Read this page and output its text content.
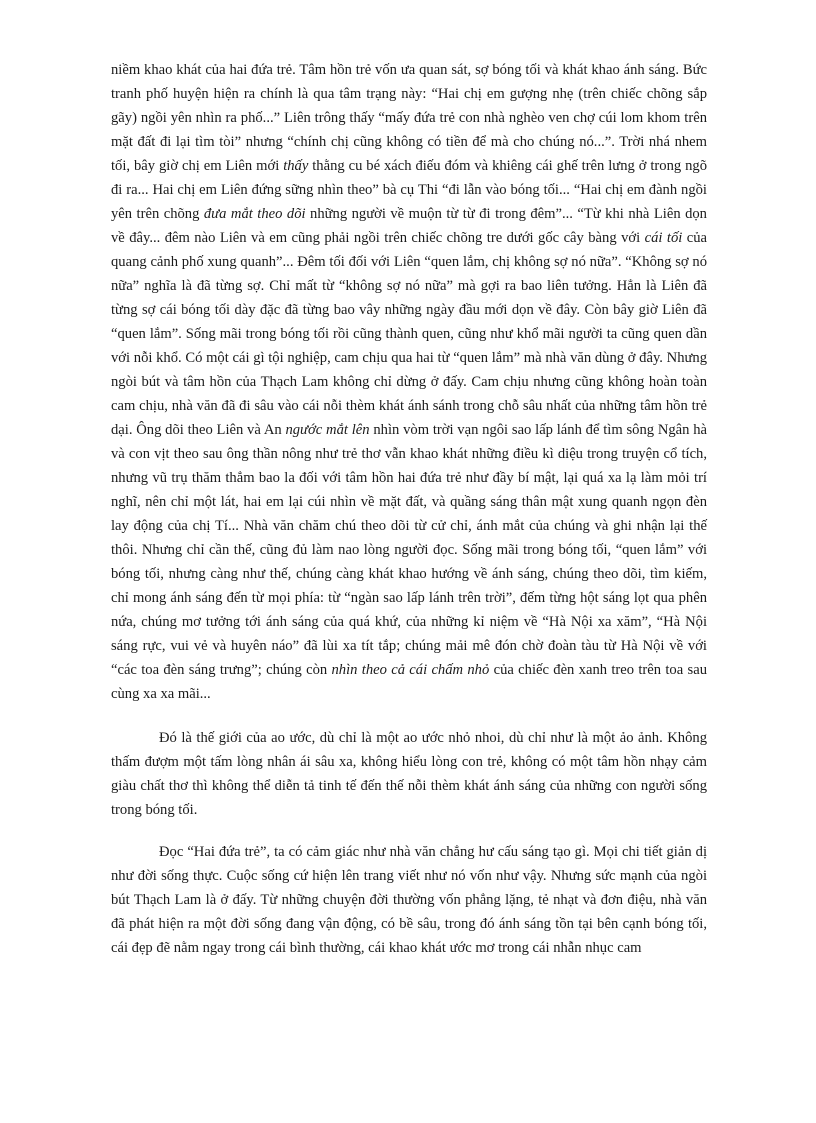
niềm khao khát của hai đứa trẻ. Tâm hồn trẻ vốn ưa quan sát, sợ bóng tối và khát khao ánh sáng. Bức tranh phố huyện hiện ra chính là qua tâm trạng này: “Hai chị em gượng nhẹ (trên chiếc chõng sắp gãy) ngồi yên nhìn ra phố...” Liên trông thấy “mấy đứa trẻ con nhà nghèo ven chợ cúi lom khom trên mặt đất đi lại tìm tòi” nhưng “chính chị cũng không có tiền để mà cho chúng nó...”. Trời nhá nhem tối, bây giờ chị em Liên mới thấy thằng cu bé xách điếu đóm và khiêng cái ghế trên lưng ở trong ngõ đi ra... Hai chị em Liên đứng sững nhìn theo” bà cụ Thi “đi lẫn vào bóng tối... “Hai chị em đành ngồi yên trên chõng đưa mắt theo dõi những người về muộn từ từ đi trong đêm”... “Từ khi nhà Liên dọn về đây... đêm nào Liên và em cũng phải ngồi trên chiếc chõng tre dưới gốc cây bàng với cái tối của quang cảnh phố xung quanh”... Đêm tối đối với Liên “quen lắm, chị không sợ nó nữa”. “Không sợ nó nữa” nghĩa là đã từng sợ. Chỉ mất từ “không sợ nó nữa” mà gợi ra bao liên tưởng. Hẳn là Liên đã từng sợ cái bóng tối dày đặc đã từng bao vây những ngày đầu mới dọn về đây. Còn bây giờ Liên đã “quen lắm”. Sống mãi trong bóng tối rồi cũng thành quen, cũng như khổ mãi người ta cũng quen dần với nỗi khổ. Có một cái gì tội nghiệp, cam chịu qua hai từ “quen lắm” mà nhà văn dùng ở đây. Nhưng ngòi bút và tâm hồn của Thạch Lam không chỉ dừng ở đấy. Cam chịu nhưng cũng không hoàn toàn cam chịu, nhà văn đã đi sâu vào cái nỗi thèm khát ánh sánh trong chỗ sâu nhất của những tâm hồn trẻ dại. Ông dõi theo Liên và An ngước mắt lên nhìn vòm trời vạn ngôi sao lấp lánh để tìm sông Ngân hà và con vịt theo sau ông thần nông như trẻ thơ vẫn khao khát những điều kì diệu trong truyện cổ tích, nhưng vũ trụ thăm thẳm bao la đối với tâm hồn hai đứa trẻ như đầy bí mật, lại quá xa lạ làm mỏi trí nghĩ, nên chỉ một lát, hai em lại cúi nhìn về mặt đất, và quầng sáng thân mật xung quanh ngọn đèn lay động của chị Tí... Nhà văn chăm chú theo dõi từ cử chỉ, ánh mắt của chúng và ghi nhận lại thế thôi. Nhưng chỉ cần thế, cũng đủ làm nao lòng người đọc. Sống mãi trong bóng tối, “quen lắm” với bóng tối, nhưng càng như thế, chúng càng khát khao hướng về ánh sáng, chúng theo dõi, tìm kiếm, chỉ mong ánh sáng đến từ mọi phía: từ “ngàn sao lấp lánh trên trời”, đếm từng hột sáng lọt qua phên nứa, chúng mơ tưởng tới ánh sáng của quá khứ, của những kỉ niệm về “Hà Nội xa xăm”, “Hà Nội sáng rực, vui vẻ và huyên náo” đã lùi xa tít tắp; chúng mải mê đón chờ đoàn tàu từ Hà Nội về với “các toa đèn sáng trưng”; chúng còn nhìn theo cả cái chấm nhỏ của chiếc đèn xanh treo trên toa sau cùng xa xa mãi...

Đó là thế giới của ao ước, dù chỉ là một ao ước nhỏ nhoi, dù chỉ như là một ảo ảnh. Không thấm đượm một tấm lòng nhân ái sâu xa, không hiểu lòng con trẻ, không có một tâm hồn nhạy cảm giàu chất thơ thì không thể diễn tả tinh tế đến thế nỗi thèm khát ánh sáng của những con người sống trong bóng tối.

Đọc “Hai đứa trẻ”, ta có cảm giác như nhà văn chẳng hư cấu sáng tạo gì. Mọi chi tiết giản dị như đời sống thực. Cuộc sống cứ hiện lên trang viết như nó vốn như vậy. Nhưng sức mạnh của ngòi bút Thạch Lam là ở đấy. Từ những chuyện đời thường vốn phẳng lặng, tẻ nhạt và đơn điệu, nhà văn đã phát hiện ra một đời sống đang vận động, có bề sâu, trong đó ánh sáng tồn tại bên cạnh bóng tối, cái đẹp đẽ nằm ngay trong cái bình thường, cái khao khát ước mơ trong cái nhẫn nhục cam
